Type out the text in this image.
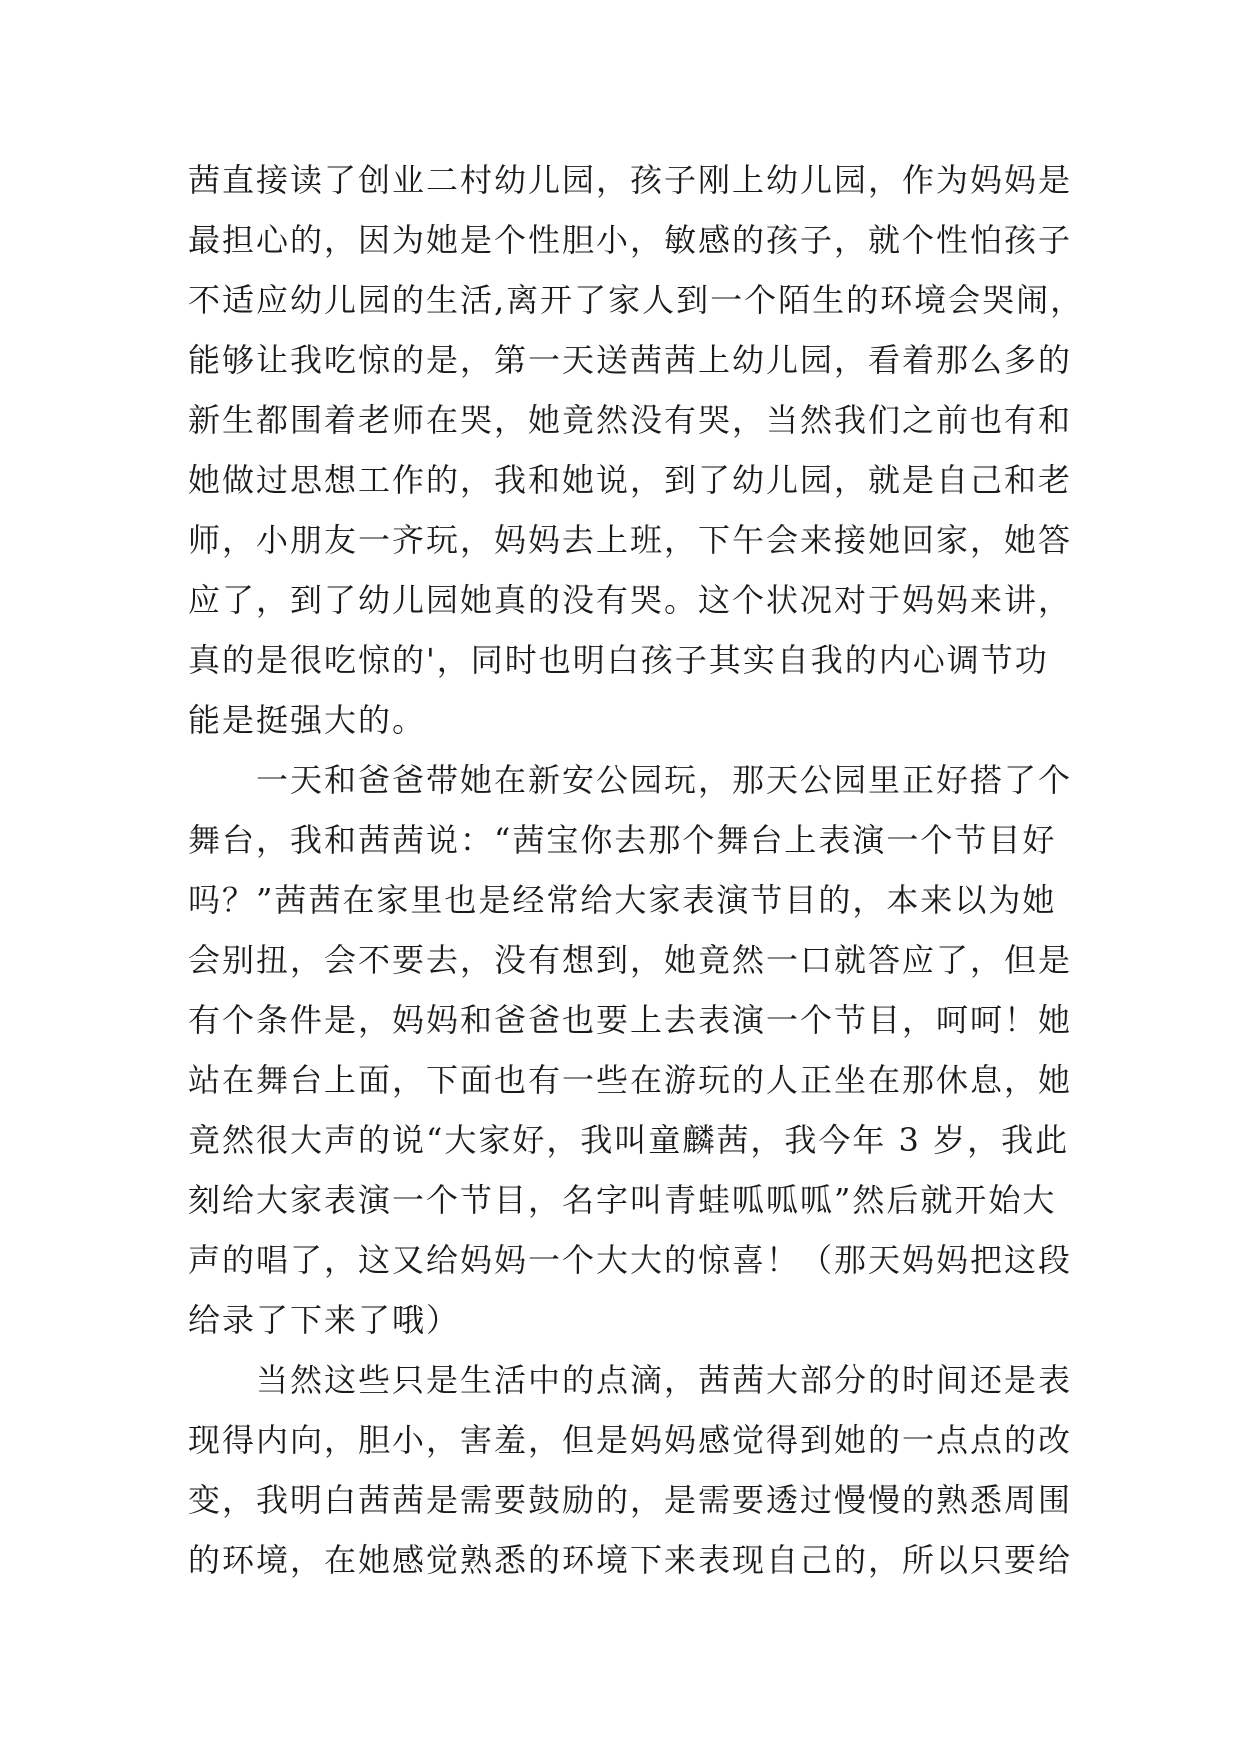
茜直接读了创业二村幼儿园，孩子刚上幼儿园，作为妈妈是
最担心的，因为她是个性胆小，敏感的孩子，就个性怕孩子
不适应幼儿园的生活,离开了家人到一个陌生的环境会哭闹，
能够让我吃惊的是，第一天送茜茜上幼儿园，看着那么多的
新生都围着老师在哭，她竟然没有哭，当然我们之前也有和
她做过思想工作的，我和她说，到了幼儿园，就是自己和老
师，小朋友一齐玩，妈妈去上班，下午会来接她回家，她答
应了，到了幼儿园她真的没有哭。这个状况对于妈妈来讲，
真的是很吃惊的'，同时也明白孩子其实自我的内心调节功
能是挺强大的。
一天和爸爸带她在新安公园玩，那天公园里正好搭了个
舞台，我和茜茜说：“茜宝你去那个舞台上表演一个节目好
吗？”茜茜在家里也是经常给大家表演节目的，本来以为她
会别扭，会不要去，没有想到，她竟然一口就答应了，但是
有个条件是，妈妈和爸爸也要上去表演一个节目，呵呵！她
站在舞台上面，下面也有一些在游玩的人正坐在那休息，她
竟然很大声的说“大家好，我叫童麟茜，我今年 3 岁，我此
刻给大家表演一个节目，名字叫青蛙呱呱呱”然后就开始大
声的唱了，这又给妈妈一个大大的惊喜！（那天妈妈把这段
给录了下来了哦）
当然这些只是生活中的点滴，茜茜大部分的时间还是表
现得内向，胆小，害羞，但是妈妈感觉得到她的一点点的改
变，我明白茜茜是需要鼓励的，是需要透过慢慢的熟悉周围
的环境，在她感觉熟悉的环境下来表现自己的，所以只要给
